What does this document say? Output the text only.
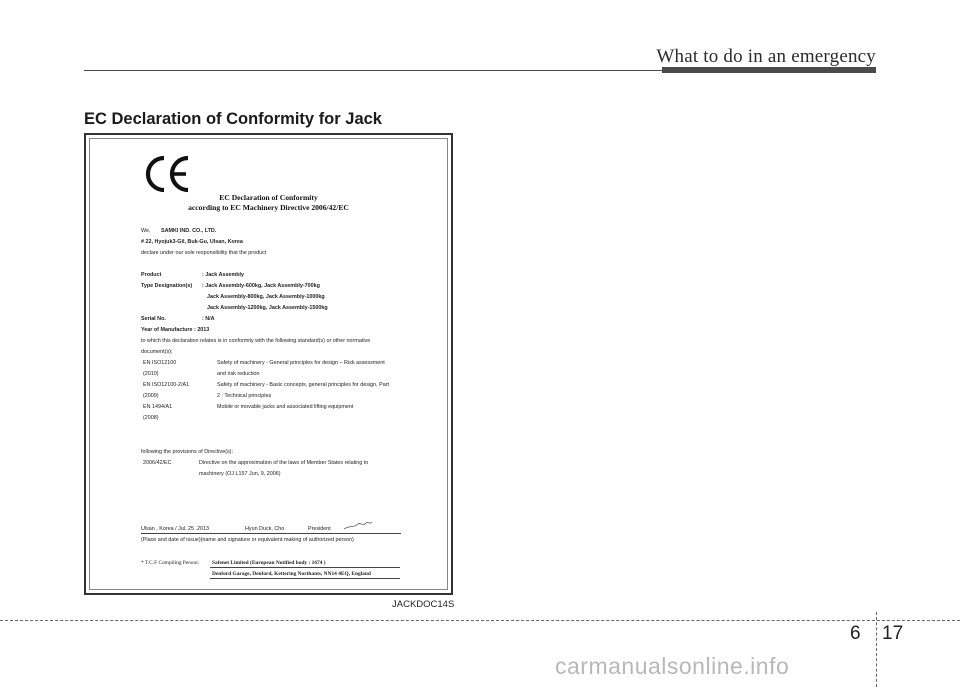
What to do in an emergency
EC Declaration of Conformity for Jack
EC Declaration of Conformity
according to EC Machinery Directive 2006/42/EC
We, SAMKI IND. CO., LTD.
# 22, Hyojuk3-Gil, Buk-Gu, Ulsan, Korea
declare under our sole responsibility that the product
Product	: Jack Assembly
Type Designation(s) : Jack Assembly-600kg, Jack Assembly-700kg
Jack Assembly-800kg, Jack Assembly-1000kg
Jack Assembly-1200kg, Jack Assembly-1500kg
Serial No.	: N/A
Year of Manufacture : 2013
to which this declaration relates is in conformity with the following standard(s) or other normative
document(s);
EN ISO12100	Safety of machinery - General principles for design – Risk assessment
(2010)	and risk reduction
EN ISO12100-2/A1	Safety of machinery - Basic concepts, general principles for design, Part
(2009)	2 : Technical principles
EN 1494/A1	Mobile or movable jacks and associated lifting equipment
(2008)
following the provisions of Directive(s):
2006/42/EC	Directive on the approximation of the laws of Member States relating to
machinery (OJ L157 Jun, 9, 2006)
Ulsan , Korea / Jul. 25 .2013	Hyun Duck, Cho	President
(Place and date of issue)(name and signature or equivalent making of authorized person)
* T.C.F Compiling Person: Safenet Limited (European Notified body : 1674 )
Denford Garage, Denford, Kettering Northants, NN14 4EQ, England
JACKDOC14S
6 17
carmanualsonline.info
